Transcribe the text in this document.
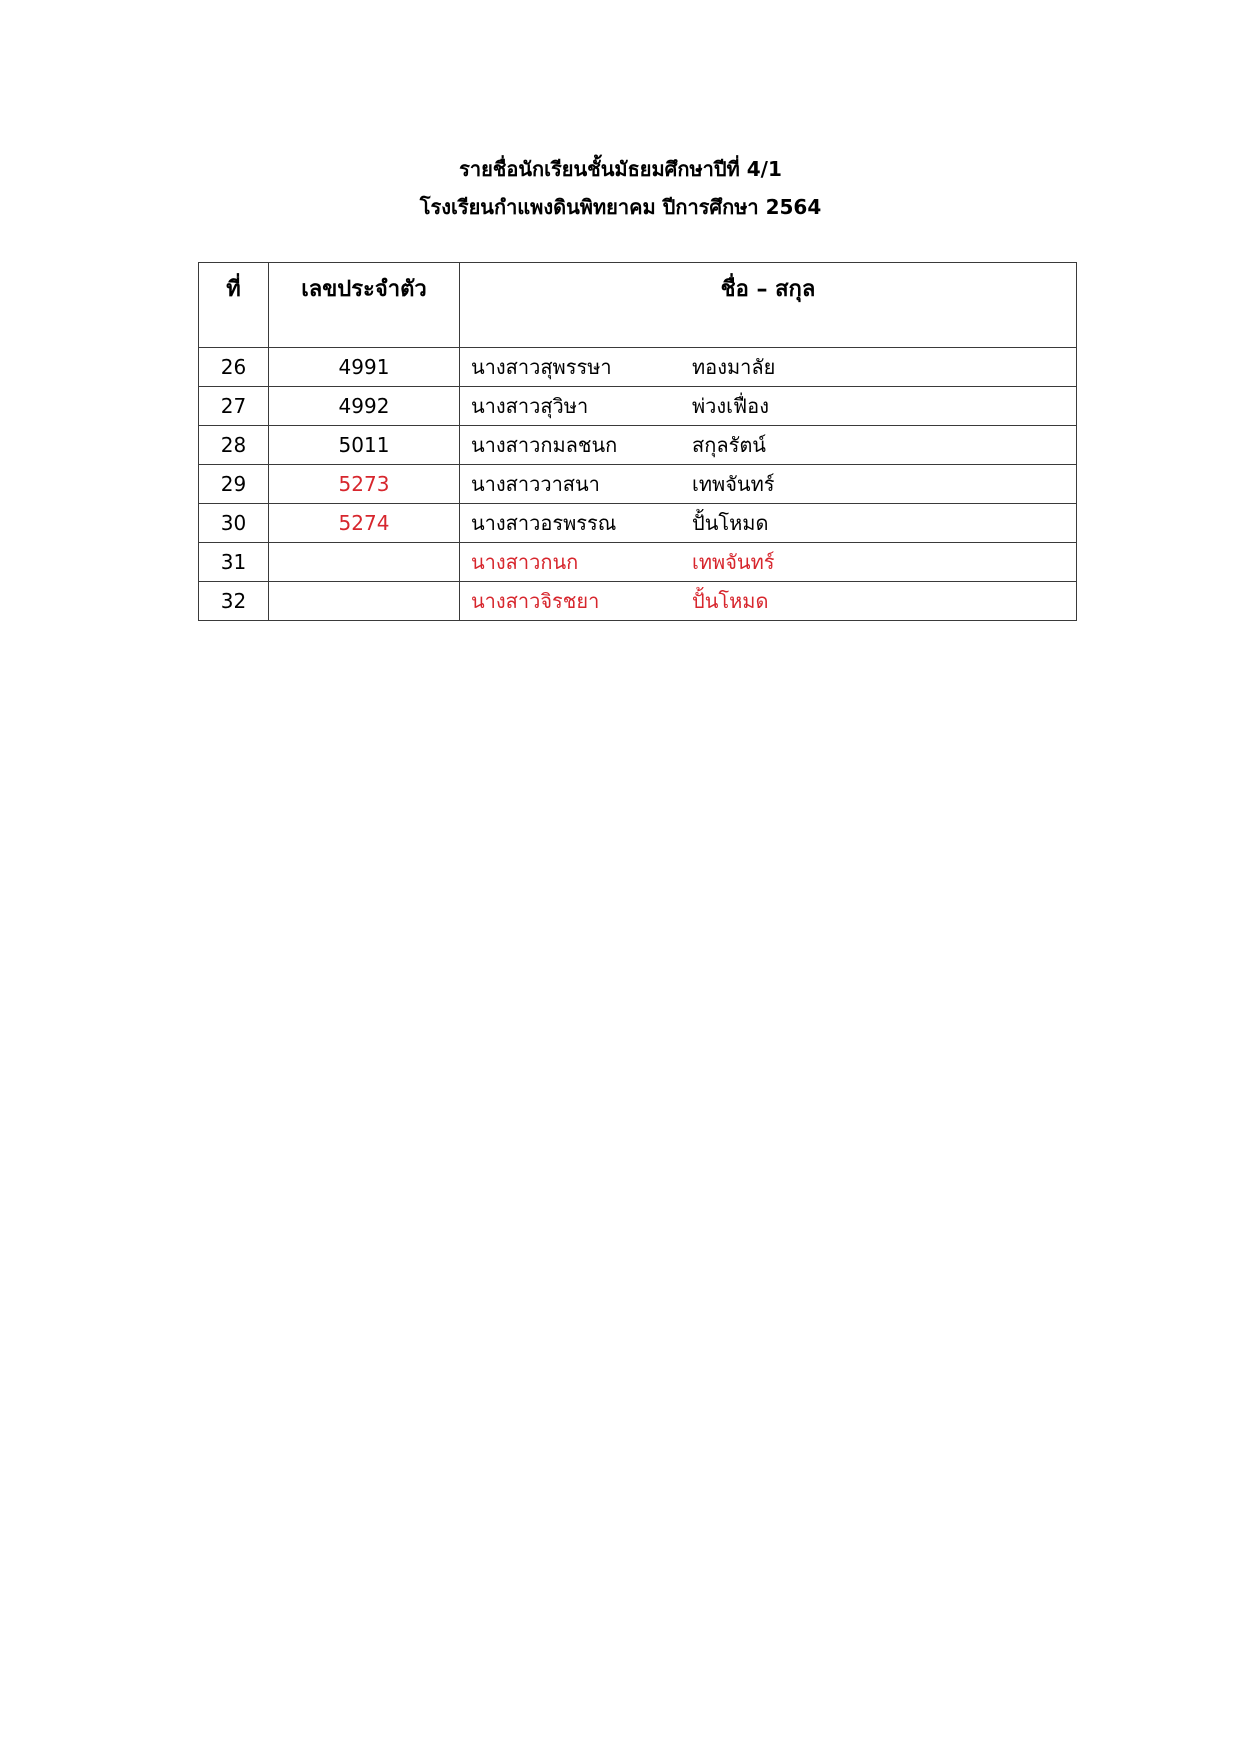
รายชื่อนักเรียนชั้นมัธยมศึกษาปีที่ 4/1
โรงเรียนกำแพงดินพิทยาคม ปีการศึกษา 2564
ที่	เลขประจำตัว	ชื่อ – สกุล
26	4991	นางสาวสุพรรษา ทองมาลัย

27	4992	นางสาวสุวิษา พ่วงเฟื่อง

28	5011	นางสาวกมลชนก สกุลรัตน์

29	5273	นางสาววาสนา เทพจันทร์

30	5274	นางสาวอรพรรณ ปั้นโหมด

31		นางสาวกนก เทพจันทร์

32		นางสาวจิรชยา ปั้นโหมด
